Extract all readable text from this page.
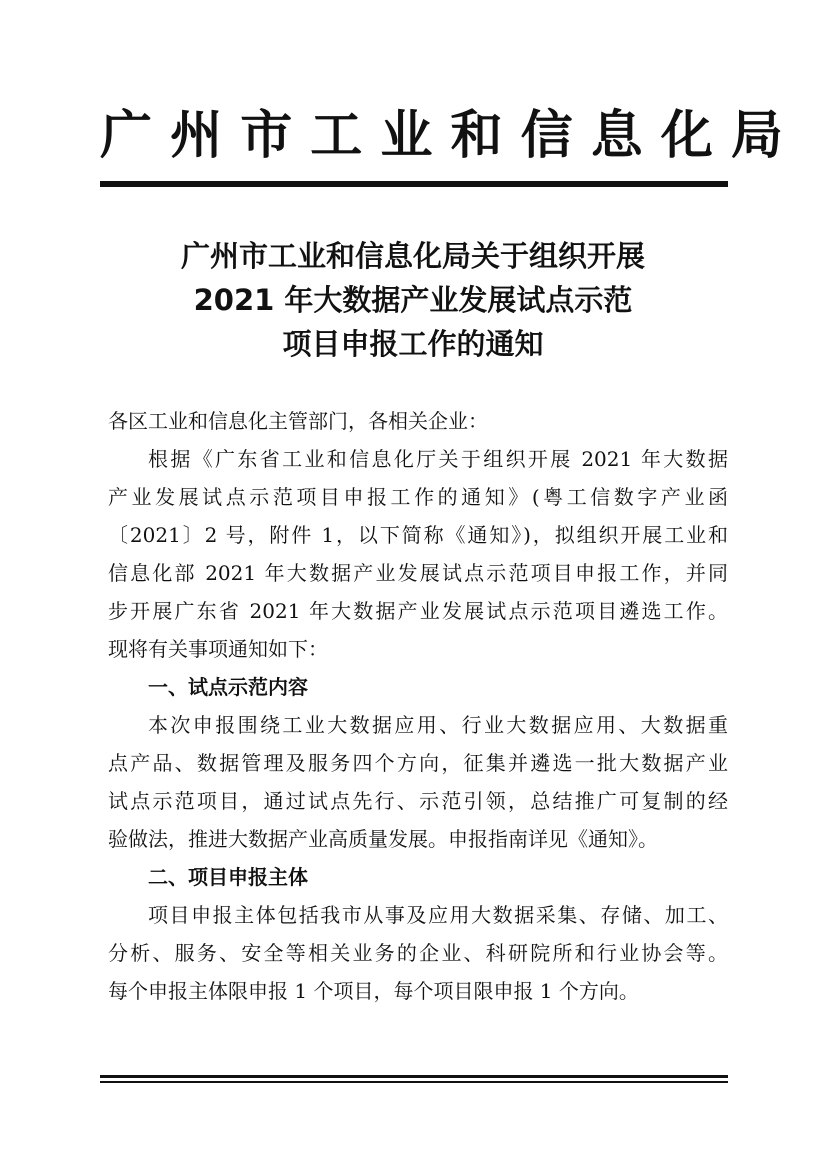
广 州 市 工 业 和 信 息 化 局
广州市工业和信息化局关于组织开展
2021 年大数据产业发展试点示范
项目申报工作的通知
各区工业和信息化主管部门，各相关企业：
根据《广东省工业和信息化厅关于组织开展 2021 年大数据
产业发展试点示范项目申报工作的通知》(粤工信数字产业函
〔2021〕2 号，附件 1，以下简称《通知》)，拟组织开展工业和
信息化部 2021 年大数据产业发展试点示范项目申报工作，并同
步开展广东省 2021 年大数据产业发展试点示范项目遴选工作。
现将有关事项通知如下：
一、试点示范内容
本次申报围绕工业大数据应用、行业大数据应用、大数据重
点产品、数据管理及服务四个方向，征集并遴选一批大数据产业
试点示范项目，通过试点先行、示范引领，总结推广可复制的经
验做法，推进大数据产业高质量发展。申报指南详见《通知》。
二、项目申报主体
项目申报主体包括我市从事及应用大数据采集、存储、加工、
分析、服务、安全等相关业务的企业、科研院所和行业协会等。
每个申报主体限申报 1 个项目，每个项目限申报 1 个方向。
